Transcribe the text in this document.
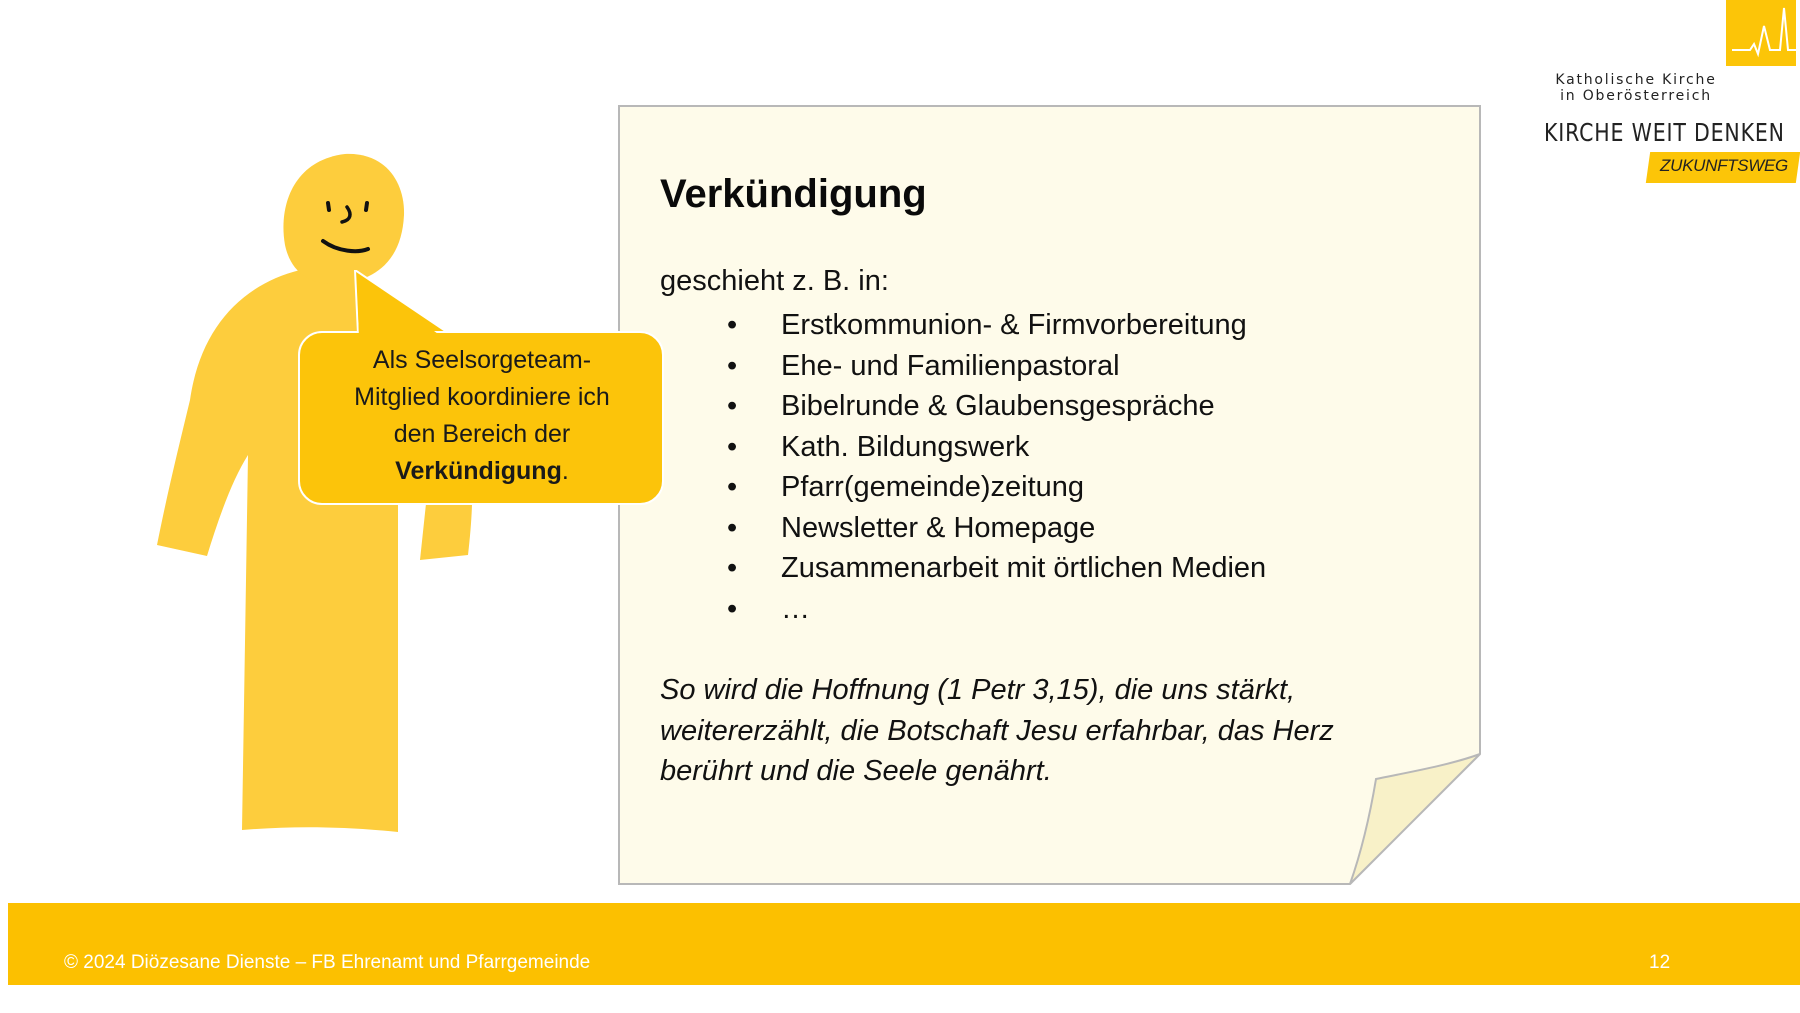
Als Seelsorgeteam-
Mitglied koordiniere ich
den Bereich der
Verkündigung.
Verkündigung
geschieht z. B. in:
• Erstkommunion- & Firmvorbereitung
• Ehe- und Familienpastoral
• Bibelrunde & Glaubensgespräche
• Kath. Bildungswerk
• Pfarr(gemeinde)zeitung
• Newsletter & Homepage
• Zusammenarbeit mit örtlichen Medien
• …
So wird die Hoffnung (1 Petr 3,15), die uns stärkt,
weitererzählt, die Botschaft Jesu erfahrbar, das Herz
berührt und die Seele genährt.
Katholische Kirche
in Oberösterreich
KIRCHE WEIT DENKEN
ZUKUNFTSWEG
© 2024 Diözesane Dienste – FB Ehrenamt und Pfarrgemeinde	12
